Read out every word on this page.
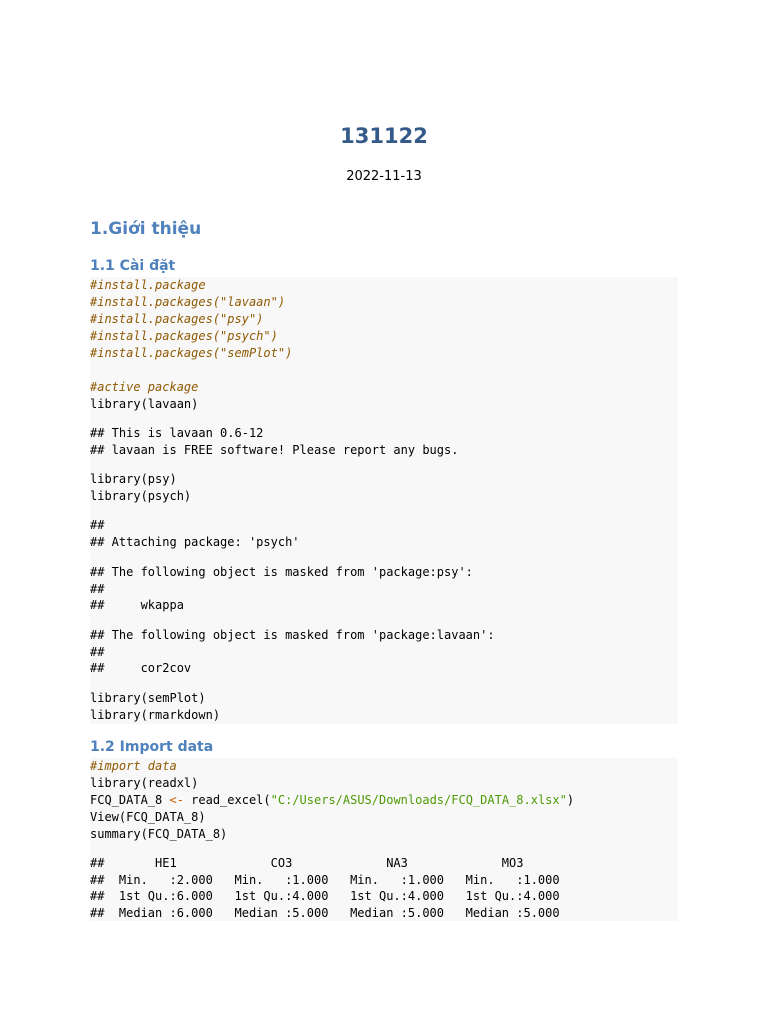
131122
2022-11-13
1.Giới thiệu
1.1 Cài đặt
#install.package
#install.packages("lavaan")
#install.packages("psy")
#install.packages("psych")
#install.packages("semPlot")
#active package
library(lavaan)
## This is lavaan 0.6-12
## lavaan is FREE software! Please report any bugs.
library(psy)
library(psych)
##
## Attaching package: 'psych'
## The following object is masked from 'package:psy':
##
##     wkappa
## The following object is masked from 'package:lavaan':
##
##     cor2cov
library(semPlot)
library(rmarkdown)
1.2 Import data
#import data
library(readxl)
FCQ_DATA_8 <- read_excel("C:/Users/ASUS/Downloads/FCQ_DATA_8.xlsx")
View(FCQ_DATA_8)
summary(FCQ_DATA_8)
##       HE1             CO3             NA3             MO3
##  Min.   :2.000   Min.   :1.000   Min.   :1.000   Min.   :1.000
##  1st Qu.:6.000   1st Qu.:4.000   1st Qu.:4.000   1st Qu.:4.000
##  Median :6.000   Median :5.000   Median :5.000   Median :5.000
